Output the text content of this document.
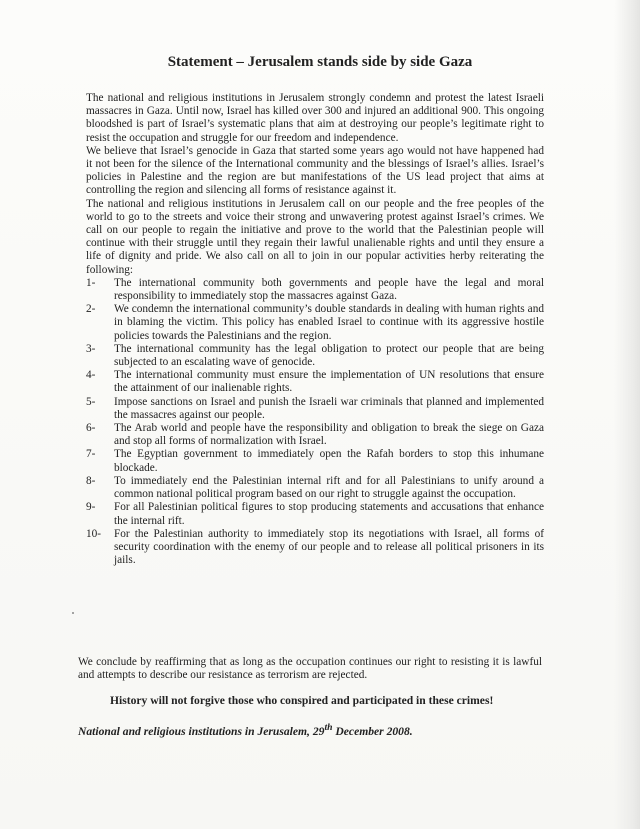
Statement – Jerusalem stands side by side Gaza

The national and religious institutions in Jerusalem strongly condemn and protest the latest Israeli massacres in Gaza. Until now, Israel has killed over 300 and injured an additional 900. This ongoing bloodshed is part of Israel’s systematic plans that aim at destroying our people’s legitimate right to resist the occupation and struggle for our freedom and independence.

We believe that Israel’s genocide in Gaza that started some years ago would not have happened had it not been for the silence of the International community and the blessings of Israel’s allies. Israel’s policies in Palestine and the region are but manifestations of the US lead project that aims at controlling the region and silencing all forms of resistance against it.

The national and religious institutions in Jerusalem call on our people and the free peoples of the world to go to the streets and voice their strong and unwavering protest against Israel’s crimes. We call on our people to regain the initiative and prove to the world that the Palestinian people will continue with their struggle until they regain their lawful unalienable rights and until they ensure a life of dignity and pride. We also call on all to join in our popular activities herby reiterating the following:

1- The international community both governments and people have the legal and moral responsibility to immediately stop the massacres against Gaza.
2- We condemn the international community’s double standards in dealing with human rights and in blaming the victim. This policy has enabled Israel to continue with its aggressive hostile policies towards the Palestinians and the region.
3- The international community has the legal obligation to protect our people that are being subjected to an escalating wave of genocide.
4- The international community must ensure the implementation of UN resolutions that ensure the attainment of our inalienable rights.
5- Impose sanctions on Israel and punish the Israeli war criminals that planned and implemented the massacres against our people.
6- The Arab world and people have the responsibility and obligation to break the siege on Gaza and stop all forms of normalization with Israel.
7- The Egyptian government to immediately open the Rafah borders to stop this inhumane blockade.
8- To immediately end the Palestinian internal rift and for all Palestinians to unify around a common national political program based on our right to struggle against the occupation.
9- For all Palestinian political figures to stop producing statements and accusations that enhance the internal rift.
10- For the Palestinian authority to immediately stop its negotiations with Israel, all forms of security coordination with the enemy of our people and to release all political prisoners in its jails.

We conclude by reaffirming that as long as the occupation continues our right to resisting it is lawful and attempts to describe our resistance as terrorism are rejected.

History will not forgive those who conspired and participated in these crimes!

National and religious institutions in Jerusalem, 29th December 2008.
